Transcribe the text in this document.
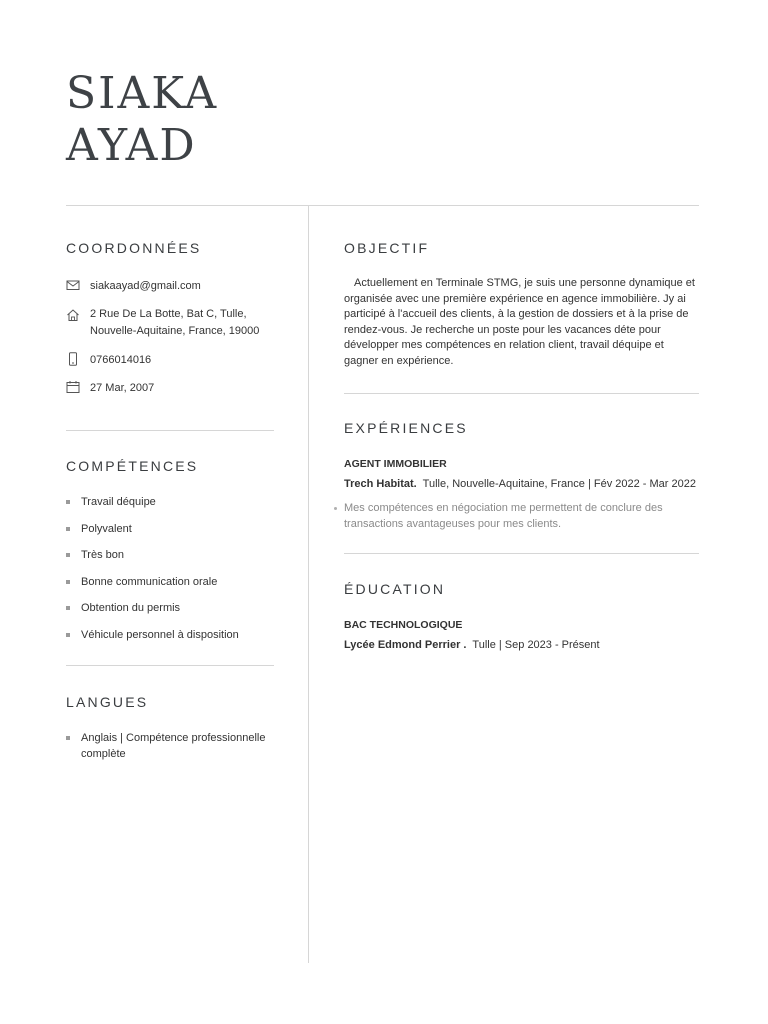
SIAKA
AYAD
COORDONNÉES
siakaayad@gmail.com
2 Rue De La Botte, Bat C, Tulle,
Nouvelle-Aquitaine, France, 19000
0766014016
27 Mar, 2007
COMPÉTENCES
Travail déquipe
Polyvalent
Très bon
Bonne communication orale
Obtention du permis
Véhicule personnel à disposition
LANGUES
Anglais | Compétence professionnelle
complète
OBJECTIF

Actuellement en Terminale STMG, je suis une personne dynamique et organisée avec une première expérience en agence immobilière. Jy ai participé à l'accueil des clients, à la gestion de dossiers et à la prise de rendez-vous. Je recherche un poste pour les vacances déte pour développer mes compétences en relation client, travail déquipe et gagner en expérience.

EXPÉRIENCES

AGENT IMMOBILIER

Trech Habitat. Tulle, Nouvelle-Aquitaine, France | Fév 2022 - Mar 2022

Mes compétences en négociation me permettent de conclure des transactions avantageuses pour mes clients.
ÉDUCATION

BAC TECHNOLOGIQUE

Lycée Edmond Perrier . Tulle | Sep 2023 - Présent
